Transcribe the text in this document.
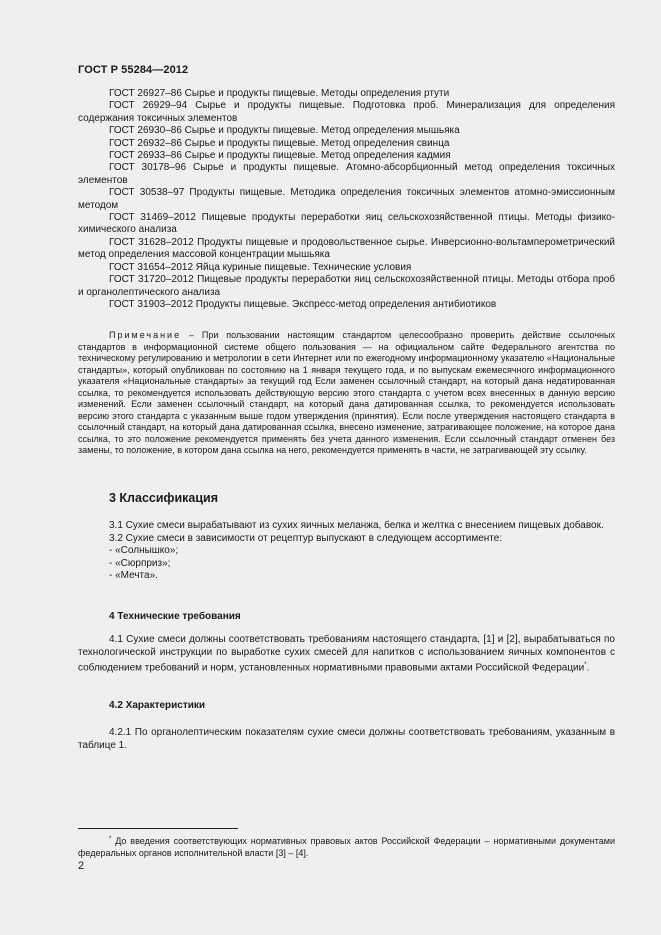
ГОСТ Р 55284—2012

ГОСТ 26927–86 Сырье и продукты пищевые. Методы определения ртути

ГОСТ 26929–94 Сырье и продукты пищевые. Подготовка проб. Минерализация для определения содержания токсичных элементов

ГОСТ 26930–86 Сырье и продукты пищевые. Метод определения мышьяка

ГОСТ 26932–86 Сырье и продукты пищевые. Метод определения свинца

ГОСТ 26933–86 Сырье и продукты пищевые. Метод определения кадмия

ГОСТ 30178–96 Сырье и продукты пищевые. Атомно-абсорбционный метод определения токсичных элементов

ГОСТ 30538–97 Продукты пищевые. Методика определения токсичных элементов атомно-эмиссионным методом

ГОСТ 31469–2012 Пищевые продукты переработки яиц сельскохозяйственной птицы. Методы физико-химического анализа

ГОСТ 31628–2012 Продукты пищевые и продовольственное сырье. Инверсионно-вольтамперометрический метод определения массовой концентрации мышьяка

ГОСТ 31654–2012 Яйца куриные пищевые. Технические условия

ГОСТ 31720–2012 Пищевые продукты переработки яиц сельскохозяйственной птицы. Методы отбора проб и органолептического анализа

ГОСТ 31903–2012 Продукты пищевые. Экспресс-метод определения антибиотиков

Примечание – При пользовании настоящим стандартом целесообразно проверить действие ссылочных стандартов в информационной системе общего пользования — на официальном сайте Федерального агентства по техническому регулированию и метрологии в сети Интернет или по ежегодному информационному указателю «Национальные стандарты», который опубликован по состоянию на 1 января текущего года, и по выпускам ежемесячного информационного указателя «Национальные стандарты» за текущий год Если заменен ссылочный стандарт, на который дана недатированная ссылка, то рекомендуется использовать действующую версию этого стандарта с учетом всех внесенных в данную версию изменений. Если заменен ссылочный стандарт, на который дана датированная ссылка, то рекомендуется использовать версию этого стандарта с указанным выше годом утверждения (принятия). Если после утверждения настоящего стандарта в ссылочный стандарт, на который дана датированная ссылка, внесено изменение, затрагивающее положение, на которое дана ссылка, то это положение рекомендуется применять без учета данного изменения. Если ссылочный стандарт отменен без замены, то положение, в котором дана ссылка на него, рекомендуется применять в части, не затрагивающей эту ссылку.

3 Классификация

3.1 Сухие смеси вырабатывают из сухих яичных меланжа, белка и желтка с внесением пищевых добавок.

3.2 Сухие смеси в зависимости от рецептур выпускают в следующем ассортименте:

- «Солнышко»;

- «Сюрприз»;

- «Мечта».

4 Технические требования

4.1 Сухие смеси должны соответствовать требованиям настоящего стандарта, [1] и [2], вырабатываться по технологической инструкции по выработке сухих смесей для напитков с использованием яичных компонентов с соблюдением требований и норм, установленных нормативными правовыми актами Российской Федерации*.

4.2 Характеристики

4.2.1 По органолептическим показателям сухие смеси должны соответствовать требованиям, указанным в таблице 1.

* До введения соответствующих нормативных правовых актов Российской Федерации – нормативными документами федеральных органов исполнительной власти [3] – [4].

2
